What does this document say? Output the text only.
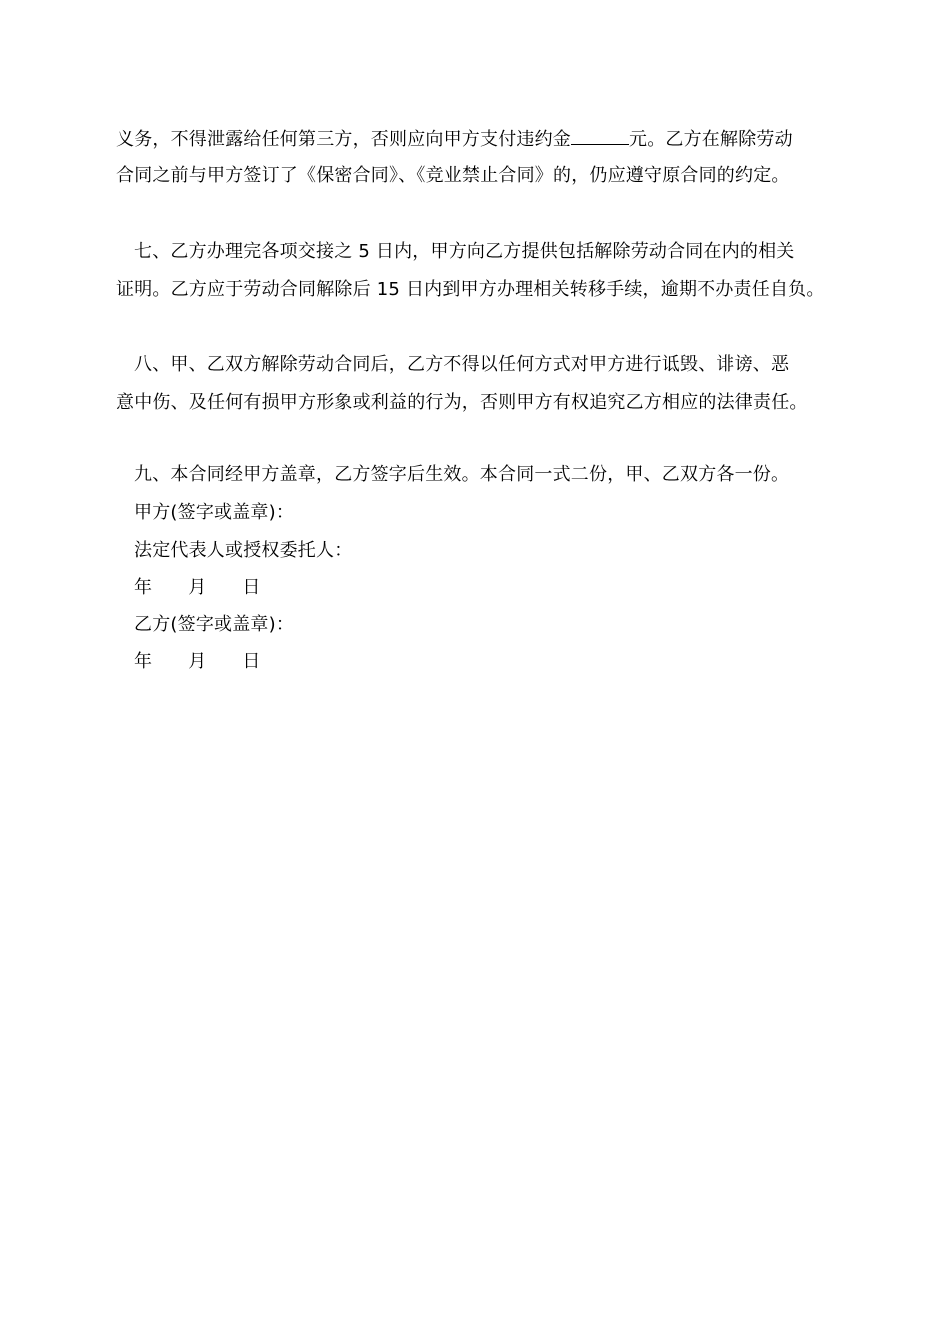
义务，不得泄露给任何第三方，否则应向甲方支付违约金	元。乙方在解除劳动
合同之前与甲方签订了《保密合同》、《竞业禁止合同》的，仍应遵守原合同的约定。
七、乙方办理完各项交接之 5 日内，甲方向乙方提供包括解除劳动合同在内的相关
证明。乙方应于劳动合同解除后 15 日内到甲方办理相关转移手续，逾期不办责任自负。
八、甲、乙双方解除劳动合同后，乙方不得以任何方式对甲方进行诋毁、诽谤、恶
意中伤、及任何有损甲方形象或利益的行为，否则甲方有权追究乙方相应的法律责任。
九、本合同经甲方盖章，乙方签字后生效。本合同一式二份，甲、乙双方各一份。
甲方(签字或盖章)：
法定代表人或授权委托人：
年 月 日
乙方(签字或盖章)：
年 月 日
